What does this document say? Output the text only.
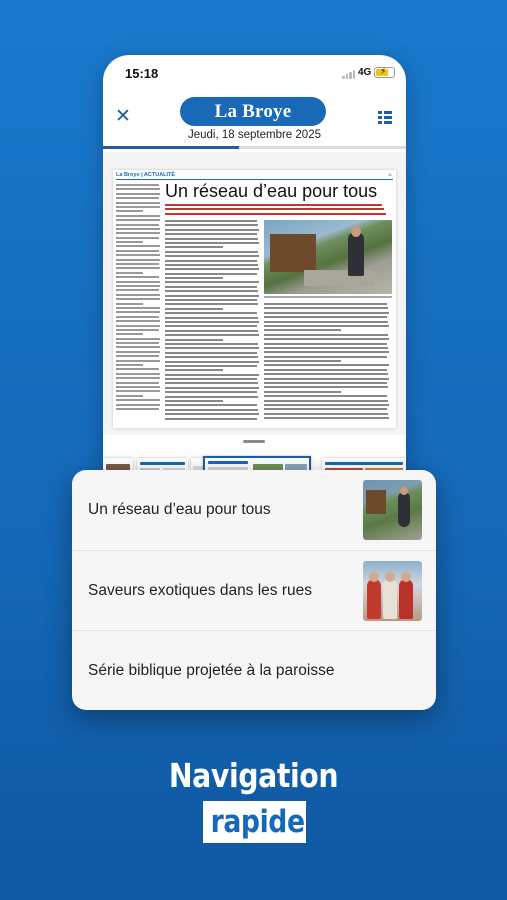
15:18	4G ⚡
✕	La Broye
Jeudi, 18 septembre 2025
La Broye | ACTUALITÉ	11
Un réseau d’eau pour tous
Un réseau d’eau pour tous
Saveurs exotiques dans les rues
Série biblique projetée à la paroisse
Navigation
rapide
